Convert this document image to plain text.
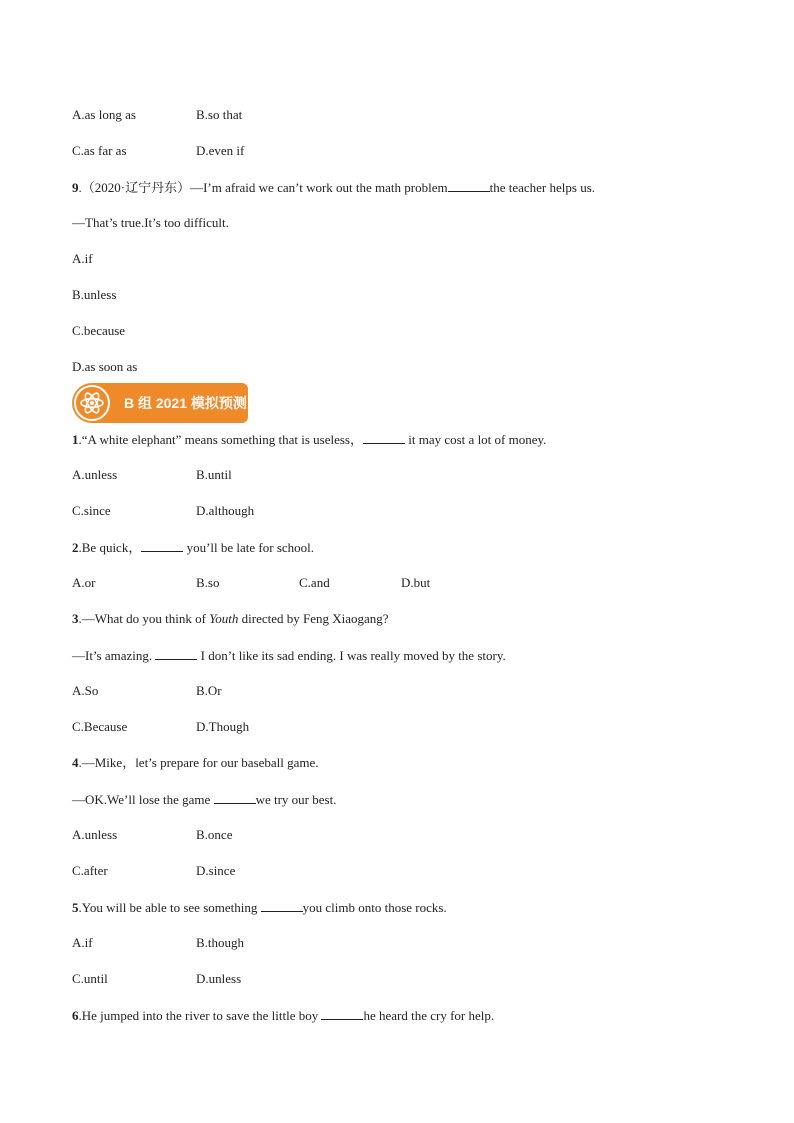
A.as long as	B.so that
C.as far as	D.even if
9.（2020·辽宁丹东）—I’m afraid we can’t work out the math problem	the teacher helps us.
—That’s true.It’s too difficult.
A.if
B.unless
C.because
D.as soon as
B 组 2021 模拟预测
1.“A white elephant” means something that is useless，	it may cost a lot of money.
A.unless	B.until
C.since	D.although
2.Be quick，	you’ll be late for school.
A.or	B.so	C.and	D.but
3.—What do you think of Youth directed by Feng Xiaogang?
—It’s amazing.	I don’t like its sad ending. I was really moved by the story.
A.So	B.Or
C.Because	D.Though
4.—Mike，let’s prepare for our baseball game.
—OK.We’ll lose the game	we try our best.
A.unless	B.once
C.after	D.since
5.You will be able to see something	you climb onto those rocks.
A.if	B.though
C.until	D.unless
6.He jumped into the river to save the little boy	he heard the cry for help.
